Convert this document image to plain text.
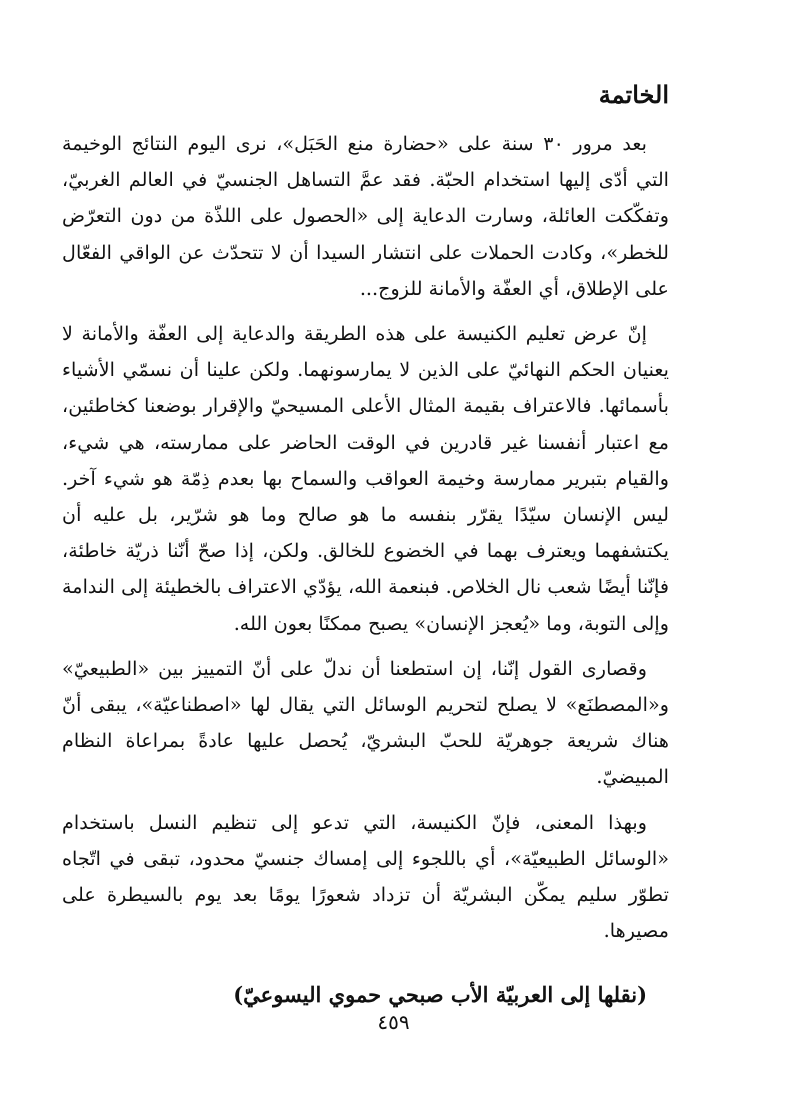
الخاتمة

بعد مرور ٣٠ سنة على «حضارة منع الحَبَل»، نرى اليوم النتائج الوخيمة التي أدّى إليها استخدام الحبّة. فقد عمَّ التساهل الجنسيّ في العالم الغربيّ، وتفكّكت العائلة، وسارت الدعاية إلى «الحصول على اللذّة من دون التعرّض للخطر»، وكادت الحملات على انتشار السيدا أن لا تتحدّث عن الواقي الفعّال على الإطلاق، أي العفّة والأمانة للزوج...

إنّ عرض تعليم الكنيسة على هذه الطريقة والدعاية إلى العفّة والأمانة لا يعنيان الحكم النهائيّ على الذين لا يمارسونهما. ولكن علينا أن نسمّي الأشياء بأسمائها. فالاعتراف بقيمة المثال الأعلى المسيحيّ والإقرار بوضعنا كخاطئين، مع اعتبار أنفسنا غير قادرين في الوقت الحاضر على ممارسته، هي شيء، والقيام بتبرير ممارسة وخيمة العواقب والسماح بها بعدم ذِمّة هو شيء آخر. ليس الإنسان سيّدًا يقرّر بنفسه ما هو صالح وما هو شرّير، بل عليه أن يكتشفهما ويعترف بهما في الخضوع للخالق. ولكن، إذا صحّ أنّنا ذريّة خاطئة، فإنّنا أيضًا شعب نال الخلاص. فبنعمة الله، يؤدّي الاعتراف بالخطيئة إلى الندامة وإلى التوبة، وما «يُعجز الإنسان» يصبح ممكنًا بعون الله.

وقصارى القول إنّنا، إن استطعنا أن ندلّ على أنّ التمييز بين «الطبيعيّ» و«المصطنَع» لا يصلح لتحريم الوسائل التي يقال لها «اصطناعيّة»، يبقى أنّ هناك شريعة جوهريّة للحبّ البشريّ، يُحصل عليها عادةً بمراعاة النظام المبيضيّ.

وبهذا المعنى، فإنّ الكنيسة، التي تدعو إلى تنظيم النسل باستخدام «الوسائل الطبيعيّة»، أي باللجوء إلى إمساك جنسيّ محدود، تبقى في اتّجاه تطوّر سليم يمكّن البشريّة أن تزداد شعورًا يومًا بعد يوم بالسيطرة على مصيرها.

(نقلها إلى العربيّة الأب صبحي حموي اليسوعيّ)

٤٥٩
